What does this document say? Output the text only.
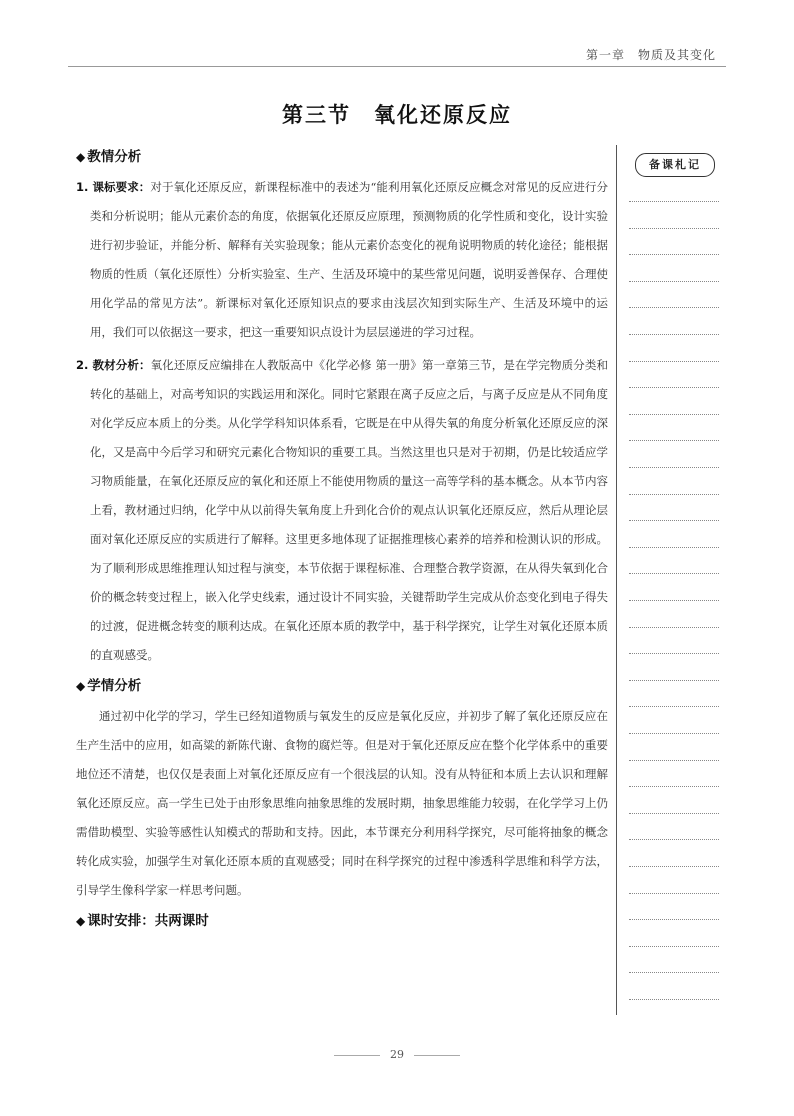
第一章　物质及其变化
第三节　氧化还原反应
◆ 教情分析

1. 课标要求：对于氧化还原反应，新课程标准中的表述为“能利用氧化还原反应概念对常见的反应进行分类和分析说明；能从元素价态的角度，依据氧化还原反应原理，预测物质的化学性质和变化，设计实验进行初步验证，并能分析、解释有关实验现象；能从元素价态变化的视角说明物质的转化途径；能根据物质的性质（氧化还原性）分析实验室、生产、生活及环境中的某些常见问题，说明妥善保存、合理使用化学品的常见方法”。新课标对氧化还原知识点的要求由浅层次知到实际生产、生活及环境中的运用，我们可以依据这一要求，把这一重要知识点设计为层层递进的学习过程。

2. 教材分析：氧化还原反应编排在人教版高中《化学必修 第一册》第一章第三节，是在学完物质分类和转化的基础上，对高考知识的实践运用和深化。同时它紧跟在离子反应之后，与离子反应是从不同角度对化学反应本质上的分类。从化学学科知识体系看，它既是在中从得失氧的角度分析氧化还原反应的深化，又是高中今后学习和研究元素化合物知识的重要工具。当然这里也只是对于初期，仍是比较适应学习物质能量，在氧化还原反应的氧化和还原上不能使用物质的量这一高等学科的基本概念。从本节内容上看，教材通过归纳，化学中从以前得失氧角度上升到化合价的观点认识氧化还原反应，然后从理论层面对氧化还原反应的实质进行了解释。这里更多地体现了证据推理核心素养的培养和检测认识的形成。为了顺利形成思维推理认知过程与演变，本节依据于课程标准、合理整合教学资源，在从得失氧到化合价的概念转变过程上，嵌入化学史线索，通过设计不同实验，关键帮助学生完成从价态变化到电子得失的过渡，促进概念转变的顺利达成。在氧化还原本质的教学中，基于科学探究，让学生对氧化还原本质的直观感受。

◆ 学情分析

通过初中化学的学习，学生已经知道物质与氧发生的反应是氧化反应，并初步了解了氧化还原反应在生产生活中的应用，如高粱的新陈代谢、食物的腐烂等。但是对于氧化还原反应在整个化学体系中的重要地位还不清楚，也仅仅是表面上对氧化还原反应有一个很浅层的认知。没有从特征和本质上去认识和理解氧化还原反应。高一学生已处于由形象思维向抽象思维的发展时期，抽象思维能力较弱，在化学学习上仍需借助模型、实验等感性认知模式的帮助和支持。因此，本节课充分利用科学探究，尽可能将抽象的概念转化成实验，加强学生对氧化还原本质的直观感受；同时在科学探究的过程中渗透科学思维和科学方法，引导学生像科学家一样思考问题。

◆ 课时安排：共两课时
备课札记
29
